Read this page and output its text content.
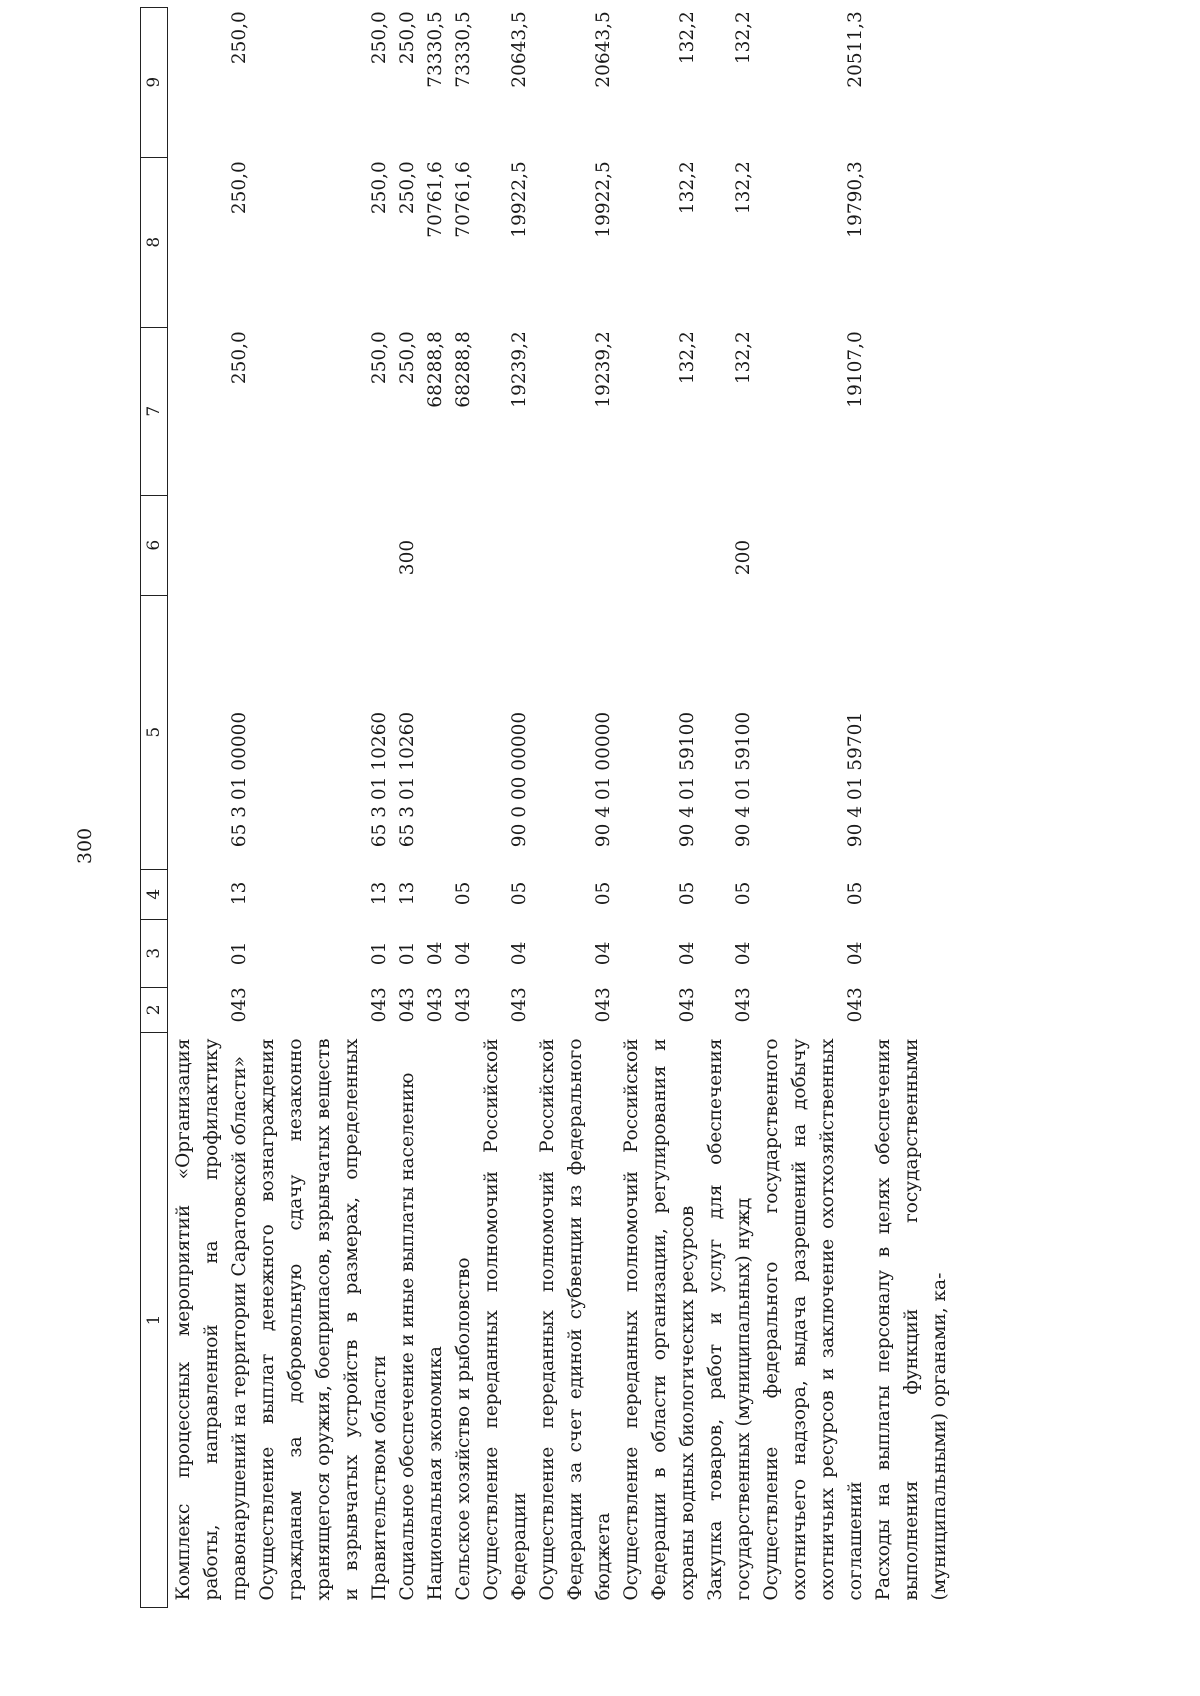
300
1	2	3	4	5	6	7	8	9
Комплекс процессных мероприятий «Организация работы, направленной на профилактику правонарушений на территории Саратовской области»	043	01	13	65 3 01 00000		250,0	250,0	250,0
Осуществление выплат денежного вознаграждения гражданам за добровольную сдачу незаконно хранящегося оружия, боеприпасов, взрывчатых веществ и взрывчатых устройств в размерах, определенных Правительством области	043	01	13	65 3 01 10260		250,0	250,0	250,0
Социальное обеспечение и иные выплаты населению	043	01	13	65 3 01 10260	300	250,0	250,0	250,0
Национальная экономика	043	04				68288,8	70761,6	73330,5
Сельское хозяйство и рыболовство	043	04	05			68288,8	70761,6	73330,5
Осуществление переданных полномочий Российской Федерации	043	04	05	90 0 00 00000		19239,2	19922,5	20643,5
Осуществление переданных полномочий Российской Федерации за счет единой субвенции из федерального бюджета	043	04	05	90 4 01 00000		19239,2	19922,5	20643,5
Осуществление переданных полномочий Российской Федерации в области организации, регулирования и охраны водных биологических ресурсов	043	04	05	90 4 01 59100		132,2	132,2	132,2
Закупка товаров, работ и услуг для обеспечения государственных (муниципальных) нужд	043	04	05	90 4 01 59100	200	132,2	132,2	132,2
Осуществление федерального государственного охотничьего надзора, выдача разрешений на добычу охотничьих ресурсов и заключение охотхозяйственных соглашений	043	04	05	90 4 01 59701		19107,0	19790,3	20511,3
Расходы на выплаты персоналу в целях обеспечения выполнения функций государственными (муниципальными) органами, ка-								
